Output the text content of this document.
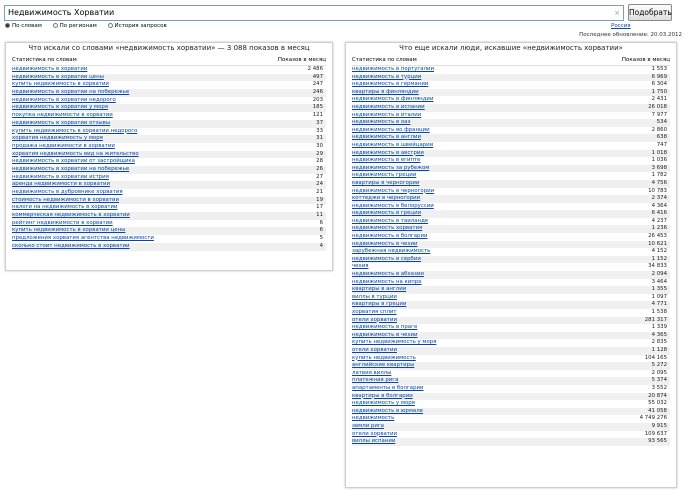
Недвижимость Хорватии	× Подобрать
По словам	По регионам	История запросов	Россия
Последнее обновление: 20.03.2012
Что искали со словами «недвижимость хорватии» — 3 088 показов в месяц
Статистика по словам	Показов в месяц
недвижимость в хорватии	2 486
недвижимость в хорватии цены	497
купить недвижимость в хорватии	247
недвижимость в хорватии на побережье	246
недвижимость в хорватии недорого	203
недвижимость в хорватии у моря	185
покупка недвижимости в хорватии	121
недвижимость в хорватии отзывы	37
купить недвижимость в хорватии недорого	33
хорватия недвижимость у моря	31
продажа недвижимости в хорватии	30
хорватия недвижимость вид на жительство	29
недвижимость в хорватии от застройщика	28
недвижимость в хорватии на побережье	26
недвижимость в хорватии истрия	27
аренда недвижимости в хорватии	24
недвижимость в дубровнике хорватия	21
стоимость недвижимости в хорватии	19
налоги на недвижимость в хорватии	17
коммерческая недвижимость в хорватии	11
рейтинг недвижимости в хорватии	6
купить недвижимость в хорватии цены	6
предложения хорватия агентства недвижимости	5
сколько стоит недвижимость в хорватии	4
Что еще искали люди, искавшие «недвижимость хорватии»
Статистика по словам	Показов в месяц
недвижимость в португалии	1 553
недвижимость в турции	6 969
недвижимость в германии	6 304
квартиры в финляндии	1 750
недвижимость в финляндии	2 431
недвижимость в испании	26 018
недвижимость в италии	7 977
недвижимость в оаэ	534
недвижимость во франции	2 860
недвижимость в англии	638
недвижимость в швейцарии	747
недвижимость в австрии	1 018
недвижимость в египте	1 036
недвижимость за рубежом	3 698
недвижимость греции	1 782
квартиры в черногории	4 756
недвижимость в черногории	10 783
коттеджи в черногории	2 374
недвижимость в белоруссии	4 364
недвижимость в греции	6 416
недвижимость в таиланде	4 237
недвижимость хорватия	1 236
недвижимость в болгарии	26 453
недвижимость в чехии	10 621
зарубежная недвижимость	4 152
недвижимость в сербии	1 152
чехия	34 833
недвижимость в абхазии	2 094
недвижимость на кипре	3 464
квартиры в англии	1 355
виллы в турции	1 097
квартиры в греции	4 771
хорватия сплит	1 538
отели хорватии	281 317
недвижимость в праге	1 339
недвижимость в чехии	4 365
купить недвижимость у моря	2 835
отели хорватии	1 128
купить недвижимость	104 165
английские квартиры	5 272
латвия виллы	2 095
платежная рига	5 374
апартаменты в болгарии	3 552
квартиры в болгарии	20 874
недвижимость у моря	55 032
недвижимость в юрмале	41 058
недвижимость	4 749 276
земли рига	9 915
отели хорватии	109 637
виллы испании	93 565
